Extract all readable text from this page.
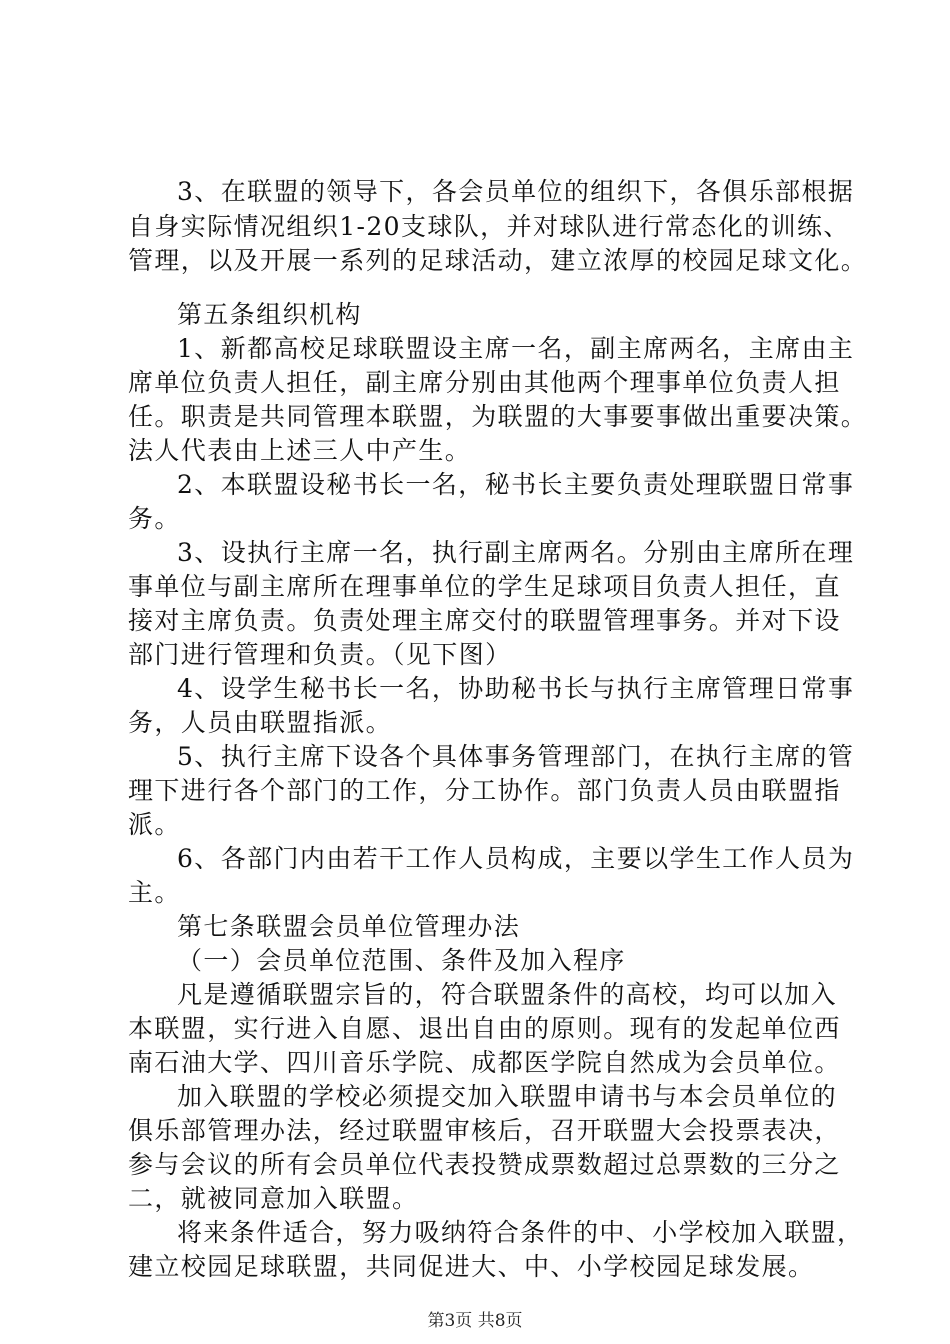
3、在联盟的领导下，各会员单位的组织下，各俱乐部根据
自身实际情况组织1-20支球队，并对球队进行常态化的训练、
管理，以及开展一系列的足球活动，建立浓厚的校园足球文化。
第五条组织机构
1、新都高校足球联盟设主席一名，副主席两名，主席由主
席单位负责人担任，副主席分别由其他两个理事单位负责人担
任。职责是共同管理本联盟，为联盟的大事要事做出重要决策。
法人代表由上述三人中产生。
2、本联盟设秘书长一名，秘书长主要负责处理联盟日常事
务。
3、设执行主席一名，执行副主席两名。分别由主席所在理
事单位与副主席所在理事单位的学生足球项目负责人担任，直
接对主席负责。负责处理主席交付的联盟管理事务。并对下设
部门进行管理和负责。（见下图）
4、设学生秘书长一名，协助秘书长与执行主席管理日常事
务，人员由联盟指派。
5、执行主席下设各个具体事务管理部门，在执行主席的管
理下进行各个部门的工作，分工协作。部门负责人员由联盟指
派。
6、各部门内由若干工作人员构成，主要以学生工作人员为
主。
第七条联盟会员单位管理办法
（一）会员单位范围、条件及加入程序
凡是遵循联盟宗旨的，符合联盟条件的高校，均可以加入
本联盟，实行进入自愿、退出自由的原则。现有的发起单位西
南石油大学、四川音乐学院、成都医学院自然成为会员单位。
加入联盟的学校必须提交加入联盟申请书与本会员单位的
俱乐部管理办法，经过联盟审核后，召开联盟大会投票表决，
参与会议的所有会员单位代表投赞成票数超过总票数的三分之
二，就被同意加入联盟。
将来条件适合，努力吸纳符合条件的中、小学校加入联盟，
建立校园足球联盟，共同促进大、中、小学校园足球发展。
第3页 共8页
